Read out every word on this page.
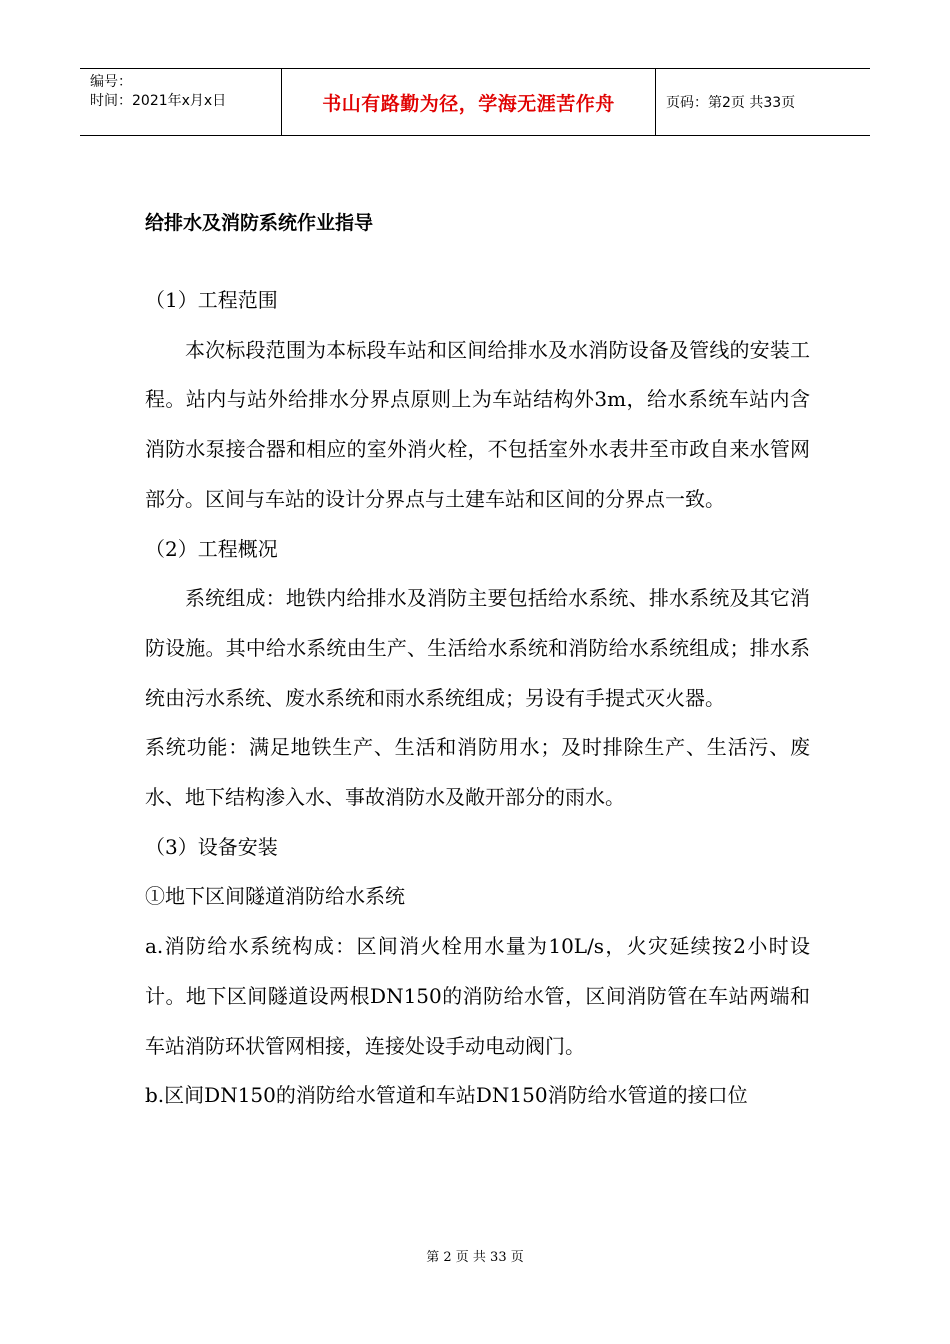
编号：
时间：2021年x月x日	书山有路勤为径，学海无涯苦作舟	页码：第2页 共33页
给排水及消防系统作业指导

（1）工程范围

本次标段范围为本标段车站和区间给排水及水消防设备及管线的安装工程。站内与站外给排水分界点原则上为车站结构外3m，给水系统车站内含消防水泵接合器和相应的室外消火栓，不包括室外水表井至市政自来水管网部分。区间与车站的设计分界点与土建车站和区间的分界点一致。

（2）工程概况

系统组成：地铁内给排水及消防主要包括给水系统、排水系统及其它消防设施。其中给水系统由生产、生活给水系统和消防给水系统组成；排水系统由污水系统、废水系统和雨水系统组成；另设有手提式灭火器。

系统功能：满足地铁生产、生活和消防用水；及时排除生产、生活污、废水、地下结构渗入水、事故消防水及敞开部分的雨水。

（3）设备安装

①地下区间隧道消防给水系统

a.消防给水系统构成：区间消火栓用水量为10L/s，火灾延续按2小时设计。地下区间隧道设两根DN150的消防给水管，区间消防管在车站两端和车站消防环状管网相接，连接处设手动电动阀门。

b.区间DN150的消防给水管道和车站DN150消防给水管道的接口位

第 2 页 共 33 页
